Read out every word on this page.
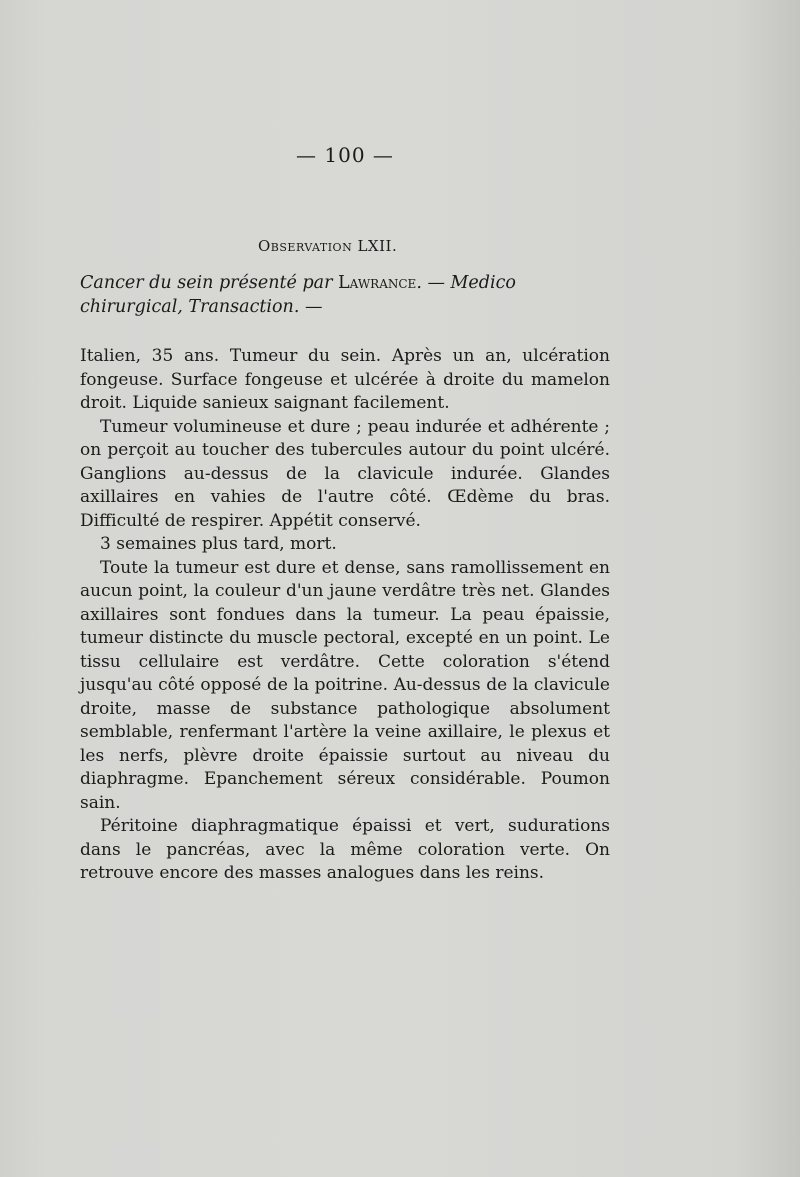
— 100 —
Observation LXII.
Cancer du sein présenté par Lawrance. — Medico chirurgical, Transaction. —

Italien, 35 ans. Tumeur du sein. Après un an, ulcération fongeuse. Surface fongeuse et ulcérée à droite du mamelon droit. Liquide sanieux saignant facilement.

Tumeur volumineuse et dure ; peau indurée et adhérente ; on perçoit au toucher des tubercules autour du point ulcéré. Ganglions au-dessus de la clavicule indurée. Glandes axillaires en vahies de l'autre côté. Œdème du bras. Difficulté de respirer. Appétit conservé.

3 semaines plus tard, mort.

Toute la tumeur est dure et dense, sans ramollissement en aucun point, la couleur d'un jaune verdâtre très net. Glandes axillaires sont fondues dans la tumeur. La peau épaissie, tumeur distincte du muscle pectoral, excepté en un point. Le tissu cellulaire est verdâtre. Cette coloration s'étend jusqu'au côté opposé de la poitrine. Au-dessus de la clavicule droite, masse de substance pathologique absolument semblable, renfermant l'artère la veine axillaire, le plexus et les nerfs, plèvre droite épaissie surtout au niveau du diaphragme. Epanchement séreux considérable. Poumon sain.

Péritoine diaphragmatique épaissi et vert, sudurations dans le pancréas, avec la même coloration verte. On retrouve encore des masses analogues dans les reins.
